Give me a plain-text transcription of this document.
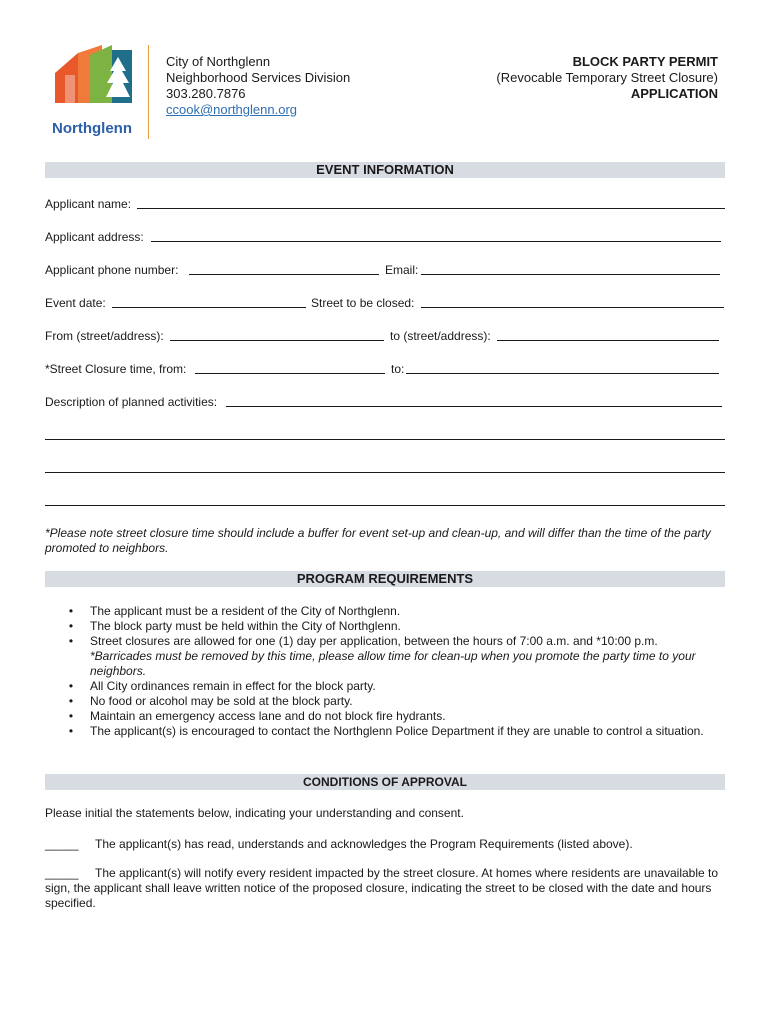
Northglenn
City of Northglenn
Neighborhood Services Division
303.280.7876
ccook@northglenn.org
BLOCK PARTY PERMIT
(Revocable Temporary Street Closure)
APPLICATION
EVENT INFORMATION
Applicant name:
Applicant address:
Applicant phone number:	Email:
Event date:	Street to be closed:
From (street/address):	to (street/address):
*Street Closure time, from:	to:
Description of planned activities:
*Please note street closure time should include a buffer for event set-up and clean-up, and will differ than the time of the party promoted to neighbors.
PROGRAM REQUIREMENTS
• The applicant must be a resident of the City of Northglenn.
• The block party must be held within the City of Northglenn.
• Street closures are allowed for one (1) day per application, between the hours of 7:00 a.m. and *10:00 p.m.
*Barricades must be removed by this time, please allow time for clean-up when you promote the party time to your neighbors.
• All City ordinances remain in effect for the block party.
• No food or alcohol may be sold at the block party.
• Maintain an emergency access lane and do not block fire hydrants.
• The applicant(s) is encouraged to contact the Northglenn Police Department if they are unable to control a situation.
CONDITIONS OF APPROVAL
Please initial the statements below, indicating your understanding and consent.
_____ The applicant(s) has read, understands and acknowledges the Program Requirements (listed above).
_____ The applicant(s) will notify every resident impacted by the street closure. At homes where residents are unavailable to sign, the applicant shall leave written notice of the proposed closure, indicating the street to be closed with the date and hours specified.
